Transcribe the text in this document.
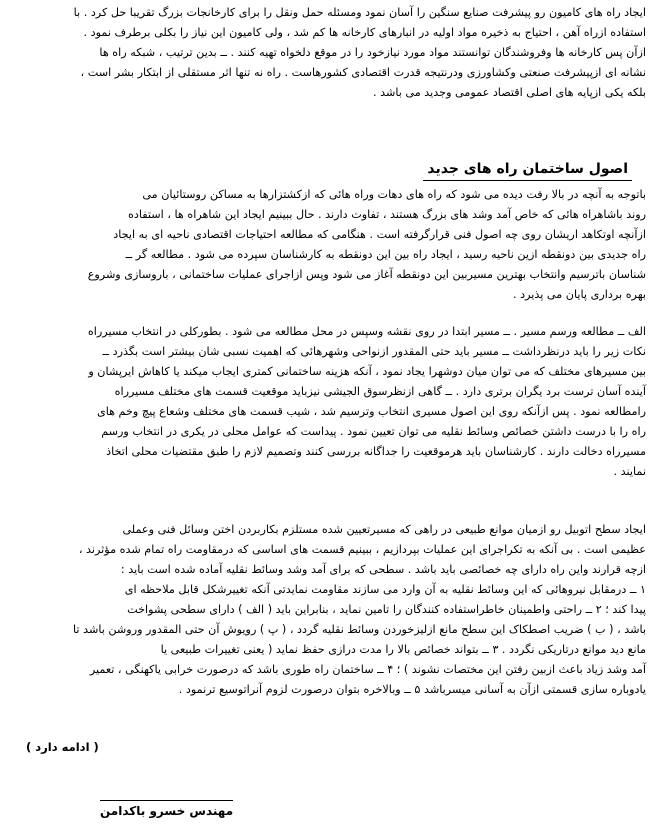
ایجاد راه های کامیون رو پیشرفت صنایع سنگین را آسان نمود ومسئله حمل ونقل را برای کارخانجات بزرگ تقریبا حل کرد . با
استفاده ازراه آهن ، احتیاج به ذخیره مواد اولیه در انبارهای کارخانه ها کم شد ، ولی کامیون این نیاز را بکلی برطرف نمود .
ازآن پس کارخانه ها وفروشندگان توانستند مواد مورد نیازخود را در موقع دلخواه تهیه کنند . ــ بدین ترتیب ، شبکه راه ها
نشانه ای ازپیشرفت صنعتی وکشاورزی ودرنتیجه قدرت اقتصادی کشورهاست . راه نه تنها اثر مستقلی از ابتکار بشر است ،
بلکه یکی ازپایه های اصلی اقتصاد عمومی وجدید می باشد .
اصول ساختمان راه های جدید
باتوجه به آنچه در بالا رفت دیده می شود که راه های دهات وراه هائی که ازکشتزارها به مساکن روستائیان می
روند باشاهراه هائی که خاص آمد وشد های بزرگ هستند ، تفاوت دارند . حال ببینیم ایجاد این شاهراه ها ، استفاده
ازآنچه اوتکاهد اریشان روی چه اصول فنی قرارگرفته است . هنگامی که مطالعه احتیاجات اقتصادی ناحیه ای به ایجاد
راه جدیدی بین دونقطه ازین ناحیه رسید ، ایجاد راه بین این دونقطه به کارشناسان سپرده می شود . مطالعه گر ــ
شناسان باترسیم وانتخاب بهترین مسیربین این دونقطه آغاز می شود وپس ازاجرای عملیات ساختمانی ، باروسازی وشروع
بهره برداری پایان می پذیرد .
الف ــ مطالعه ورسم مسیر . ــ مسیر ابتدا در روی نقشه وسپس در محل مطالعه می شود . بطورکلی در انتخاب مسیرراه
نکات زیر را باید درنظرداشت ــ مسیر باید حتی المقدور ازنواحی وشهرهائی که اهمیت نسبی شان بیشتر است بگذرد ــ
بین مسیرهای مختلف که می توان میان دوشهرا یجاد نمود ، آنکه هزینه ساختمانی کمتری ایجاب میکند یا کاهاش ایرپشان و
آینده آسان ترست برد یگران برتری دارد . ــ گاهی ازنظرسوق الجیشی نیزباید موقعیت قسمت های مختلف مسیرراه
رامطالعه نمود . پس ازآنکه روی این اصول مسیری انتخاب وترسیم شد ، شیب قسمت های مختلف وشعاع پیچ وخم های
راه را با درست داشتن خصائص وسائط نقلیه می توان تعیین نمود . پیداست که عوامل محلی در یکری در انتخاب ورسم
مسیرراه دخالت دارند . کارشناسان باید هرموقعیت را جداگانه بررسی کنند وتصمیم لازم را طبق مقتضیات محلی اتخاذ
نمایند .
ایجاد سطح اتوبیل رو ازمیان موانع طبیعی در راهی که مسیرتعیین شده مستلزم بکاربردن اختن وسائل فنی وعملی
عظیمی است . بی آنکه به تکراجرای این عملیات بپردازیم ، ببینیم قسمت های اساسی که درمقاومت راه تمام شده مؤثرند ،
ازچه قرارند واین راه دارای چه خصائصی باید باشد . سطحی که برای آمد وشد وسائط نقلیه آماده شده است باید :
۱ ــ درمقابل نیروهائی که این وسائط نقلیه به آن وارد می سازند مقاومت نمایدتی آنکه تغییرشکل قابل ملاحظه ای
پیدا کند ؛ ۲ ــ راحتی واطمینان خاطراستفاده کنندگان را تامین نماید ، بنابراین باید ( الف ) دارای سطحی پشواخت
باشد ، ( ب ) ضریب اصطکاک این سطح مانع ازلیزخوردن وسائط نقلیه گردد ، ( پ ) رویوش آن حتی المقدور وروشن باشد تا
مانع دید موانع درتاریکی نگردد . ۳ ــ بتواند خصائص بالا را مدت درازی حفظ نماید ( یعنی تغییرات طبیعی یا
آمد وشد زیاد باعث ازبین رفتن این مختصات نشوند ) ؛ ۴ ــ ساختمان راه طوری باشد که درصورت خرابی یاکهنگی ، تعمیر
یادوباره سازی قسمتی ازآن به آسانی میسرباشد ۵ ــ وبالاخره بتوان درصورت لزوم آنراتوسیع ترنمود .
( ادامه دارد )
مهندس خسرو باکدامن
